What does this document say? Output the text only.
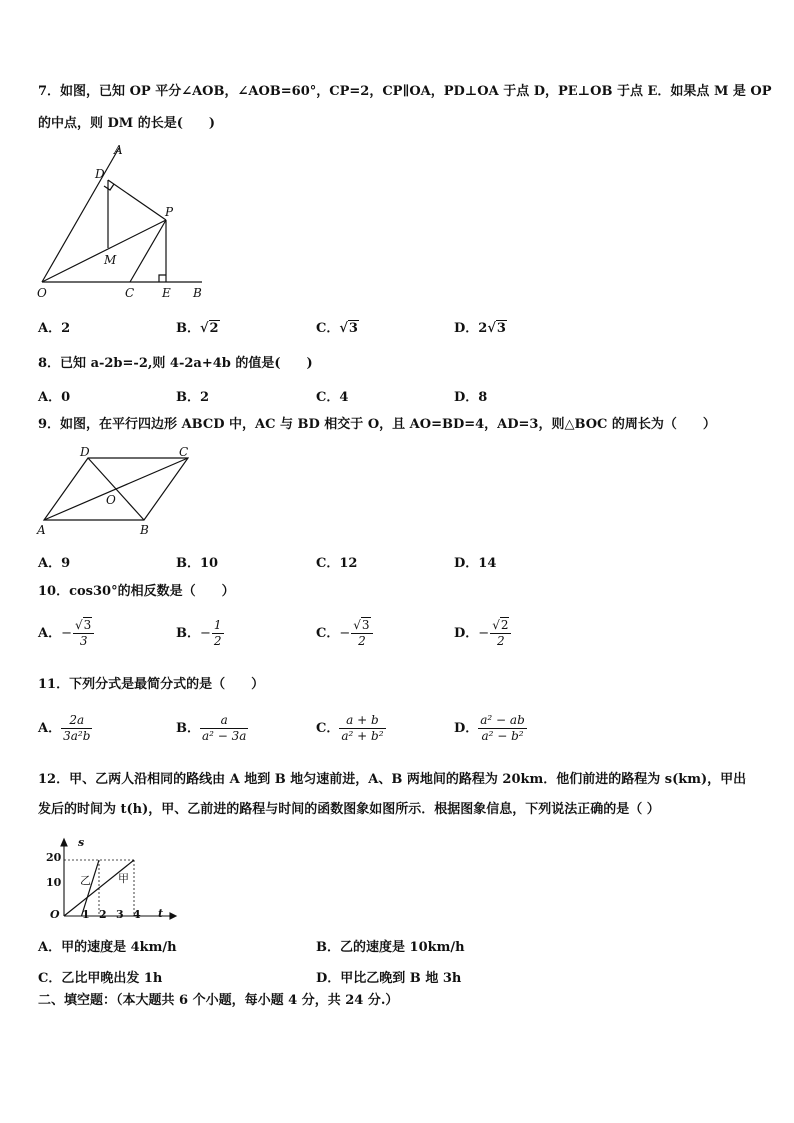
7．如图，已知 OP 平分∠AOB，∠AOB=60°，CP=2，CP∥OA，PD⊥OA 于点 D，PE⊥OB 于点 E．如果点 M 是 OP
的中点，则 DM 的长是(　　)
A
D
P
M
O	C E B
A．2	B．√2	C．√3	D．2√3
8．已知 a-2b=-2,则 4-2a+4b 的值是(　　)
A．0	B．2	C．4	D．8
9．如图，在平行四边形 ABCD 中，AC 与 BD 相交于 O，且 AO=BD=4，AD=3，则△BOC 的周长为（　　）
D	C
O
A	B
A．9	B．10	C．12	D．14
10．cos30°的相反数是（　　）
A．− $\frac{√3}{3}$	B．− $\frac{1}{2}$	C．− $\frac{√3}{2}$	D．− $\frac{√2}{2}$
11．下列分式是最简分式的是（　　）
A． $\frac{2a}{\text{3a²b}}$	B． $\frac{a}{\text{a² − 3a}}$	C． $\frac{a + b}{\text{a² + b²}}$	D． $\frac{\text{a² − ab}}{\text{a² − b²}}$
12．甲、乙两人沿相同的路线由 A 地到 B 地匀速前进，A、B 两地间的路程为 20km．他们前进的路程为 s(km)，甲出
发后的时间为 t(h)，甲、乙前进的路程与时间的函数图象如图所示．根据图象信息，下列说法正确的是（ ）
s
t
O
20
10
1 2 3 4
乙 甲
A．甲的速度是 4km/h	B．乙的速度是 10km/h
C．乙比甲晚出发 1h	D．甲比乙晚到 B 地 3h
二、填空题：（本大题共 6 个小题，每小题 4 分，共 24 分.）
